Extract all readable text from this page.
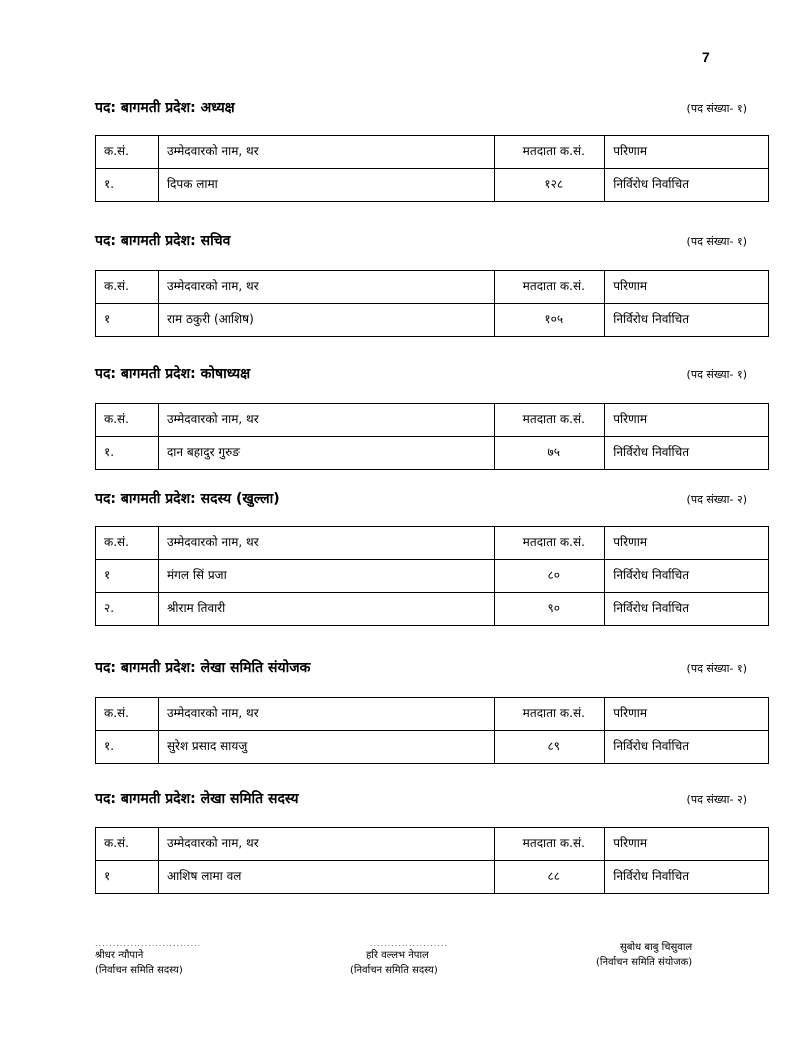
7
पद: बागमती प्रदेश: अध्यक्ष	(पद संख्या- १)
क.सं.	उम्मेदवारको नाम, थर	मतदाता क.सं.	परिणाम
१.	दिपक लामा	१२८	निर्विरोध निर्वाचित
पद: बागमती प्रदेश: सचिव	(पद संख्या- १)
क.सं.	उम्मेदवारको नाम, थर	मतदाता क.सं.	परिणाम
१	राम ठकुरी (आशिष)	१०५	निर्विरोध निर्वाचित
पद: बागमती प्रदेश: कोषाध्यक्ष	(पद संख्या- १)
क.सं.	उम्मेदवारको नाम, थर	मतदाता क.सं.	परिणाम
१.	दान बहादुर गुरुङ	७५	निर्विरोध निर्वाचित
पद: बागमती प्रदेश: सदस्य (खुल्ला)	(पद संख्या- २)
क.सं.	उम्मेदवारको नाम, थर	मतदाता क.सं.	परिणाम
१	मंगल सिं प्रजा	८०	निर्विरोध निर्वाचित
२.	श्रीराम तिवारी	९०	निर्विरोध निर्वाचित
पद: बागमती प्रदेश: लेखा समिति संयोजक	(पद संख्या- १)
क.सं.	उम्मेदवारको नाम, थर	मतदाता क.सं.	परिणाम
१.	सुरेश प्रसाद सायजु	८९	निर्विरोध निर्वाचित
पद: बागमती प्रदेश: लेखा समिति सदस्य	(पद संख्या- २)
क.सं.	उम्मेदवारको नाम, थर	मतदाता क.सं.	परिणाम
१	आशिष लामा वल	८८	निर्विरोध निर्वाचित
..............................
श्रीधर न्यौपाने
(निर्वाचन समिति सदस्य)
......................
हरि वल्लभ नेपाल
(निर्वाचन समिति सदस्य)
सुबोध बाबु चिसुवाल
(निर्वाचन समिति संयोजक)
